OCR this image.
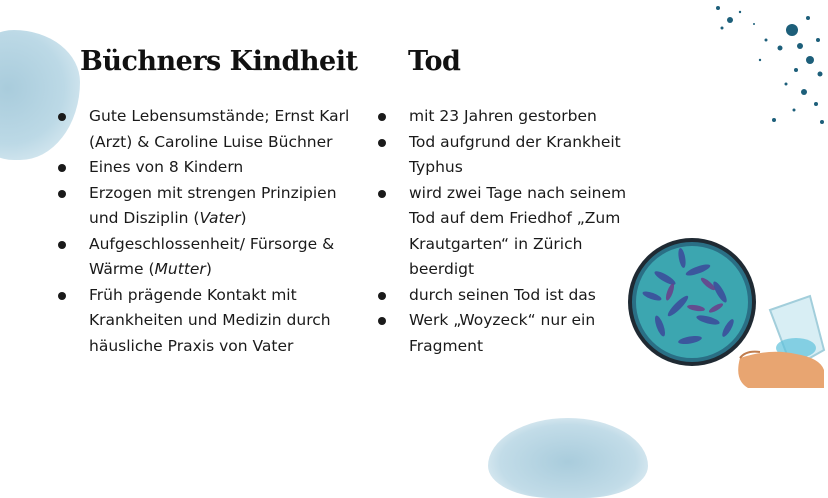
Büchners Kindheit Tod
Gute Lebensumstände; Ernst Karl (Arzt) & Caroline Luise Büchner
Eines von 8 Kindern
Erzogen mit strengen Prinzipien und Disziplin (Vater)
Aufgeschlossenheit/ Fürsorge & Wärme (Mutter)
Früh prägende Kontakt mit Krankheiten und Medizin durch häusliche Praxis von Vater
mit 23 Jahren gestorben
Tod aufgrund der Krankheit Typhus
wird zwei Tage nach seinem Tod auf dem Friedhof „Zum Krautgarten“ in Zürich beerdigt
durch seinen Tod ist das
Werk „Woyzeck“ nur ein Fragment
